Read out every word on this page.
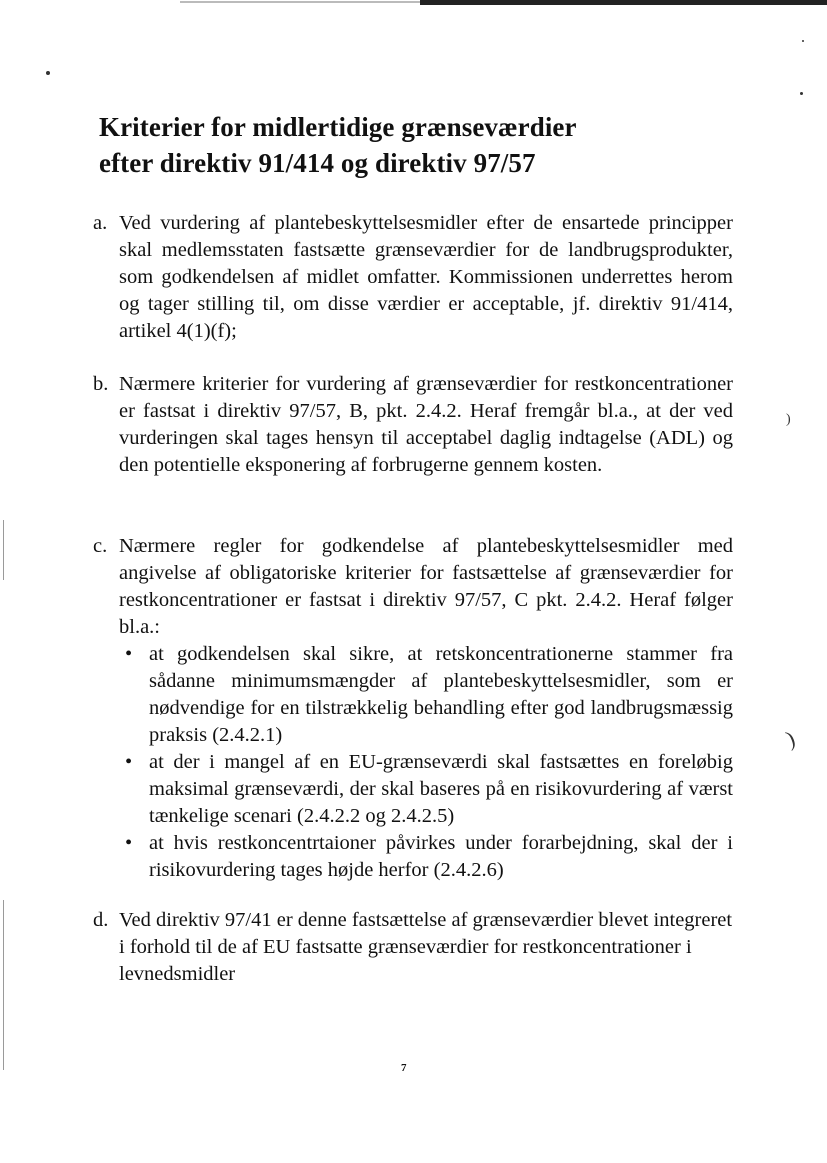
)
)
Kriterier for midlertidige grænseværdier
efter direktiv 91/414 og direktiv 97/57
a. Ved vurdering af plantebeskyttelsesmidler efter de ensartede principper skal medlemsstaten fastsætte grænseværdier for de landbrugsprodukter, som godkendelsen af midlet omfatter. Kommissionen underrettes herom og tager stilling til, om disse værdier er acceptable, jf. direktiv 91/414, artikel 4(1)(f);
b. Nærmere kriterier for vurdering af grænseværdier for restkoncentrationer er fastsat i direktiv 97/57, B, pkt. 2.4.2. Heraf fremgår bl.a., at der ved vurderingen skal tages hensyn til acceptabel daglig indtagelse (ADL) og den potentielle eksponering af forbrugerne gennem kosten.
c. Nærmere regler for godkendelse af plantebeskyttelsesmidler med angivelse af obligatoriske kriterier for fastsættelse af grænseværdier for restkoncentrationer er fastsat i direktiv 97/57, C pkt. 2.4.2. Heraf følger bl.a.:
• at godkendelsen skal sikre, at retskoncentrationerne stammer fra sådanne minimumsmængder af plantebeskyttelsesmidler, som er nødvendige for en tilstrækkelig behandling efter god landbrugsmæssig praksis (2.4.2.1)
• at der i mangel af en EU-grænseværdi skal fastsættes en foreløbig maksimal grænseværdi, der skal baseres på en risikovurdering af værst tænkelige scenari (2.4.2.2 og 2.4.2.5)
• at hvis restkoncentrtaioner påvirkes under forarbejdning, skal der i risikovurdering tages højde herfor (2.4.2.6)
d. Ved direktiv 97/41 er denne fastsættelse af grænseværdier blevet integreret i forhold til de af EU fastsatte grænseværdier for restkoncentrationer i levnedsmidler
7
